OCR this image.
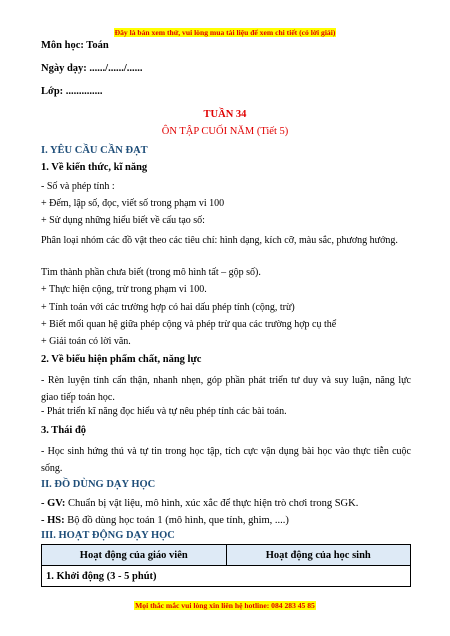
Đây là bản xem thử, vui lòng mua tài liệu để xem chi tiết (có lời giải)
Môn học: Toán
Ngày dạy: ....../....../......
Lớp: ..............
TUẦN 34
ÔN TẬP CUỐI NĂM (Tiết 5)
I. YÊU CẦU CẦN ĐẠT
1. Về kiến thức, kĩ năng
- Số và phép tính :
+ Đếm, lập số, đọc, viết số trong phạm vi 100
+ Sử dụng những hiểu biết về cấu tạo số:
Phân loại nhóm các đồ vật theo các tiêu chí: hình dạng, kích cỡ, màu sắc, phương hướng.
Tìm thành phần chưa biết (trong mô hình tất – gộp số).
+ Thực hiện cộng, trừ trong phạm vi 100.
+ Tính toán với các trường hợp có hai dấu phép tính (cộng, trừ)
+ Biết mối quan hệ giữa phép cộng và phép trừ qua các trường hợp cụ thể
+ Giải toán có lời văn.
2. Về biểu hiện phẩm chất, năng lực
- Rèn luyện tính cẩn thận, nhanh nhẹn, góp phần phát triển tư duy và suy luận, năng lực giao tiếp toán học.
- Phát triển kĩ năng đọc hiểu và tự nêu phép tính các bài toán.
3. Thái độ
- Học sinh hứng thú và tự tin trong học tập, tích cực vận dụng bài học vào thực tiễn cuộc sống.
II. ĐỒ DÙNG DẠY HỌC
- GV: Chuẩn bị vật liệu, mô hình, xúc xắc để thực hiện trò chơi trong SGK.
- HS: Bộ đồ dùng học toán 1 (mô hình, que tính, ghim, ....)
III. HOẠT ĐỘNG DẠY HỌC
Hoạt động của giáo viên	Hoạt động của học sinh
1. Khởi động (3 - 5 phút)
Mọi thắc mắc vui lòng xin liên hệ hotline: 084 283 45 85
